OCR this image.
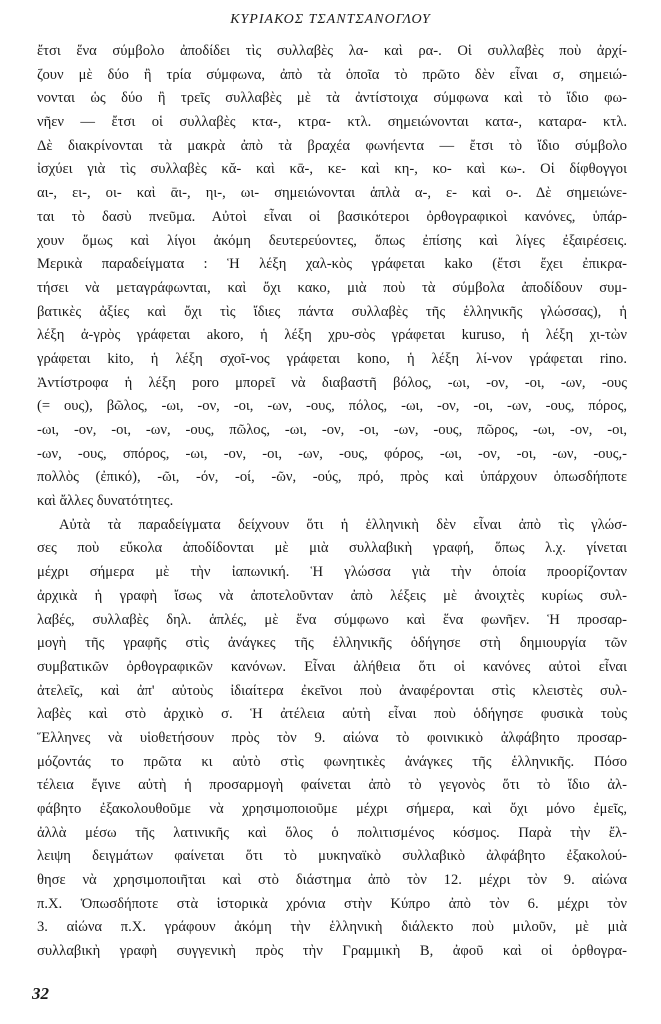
ΚΥΡΙΑΚΟΣ ΤΣΑΝΤΣΑΝΟΓΛΟΥ
ἔτσι ἕνα σύμβολο ἀποδίδει τὶς συλλαβὲς λα- καὶ ρα-. Οἱ συλλαβὲς ποὺ ἀρχί-
ζουν μὲ δύο ἢ τρία σύμφωνα, ἀπὸ τὰ ὁποῖα τὸ πρῶτο δὲν εἶναι σ, σημειώ-
νονται ὡς δύο ἢ τρεῖς συλλαβὲς μὲ τὰ ἀντίστοιχα σύμφωνα καὶ τὸ ἴδιο φω-
νῆεν — ἔτσι οἱ συλλαβὲς κτα-, κτρα- κτλ. σημειώνονται κατα-, καταρα- κτλ.
Δὲ διακρίνονται τὰ μακρὰ ἀπὸ τὰ βραχέα φωνήεντα — ἔτσι τὸ ἴδιο σύμβολο
ἰσχύει γιὰ τὶς συλλαβὲς κᾰ- καὶ κᾱ-, κε- καὶ κη-, κο- καὶ κω-. Οἱ δίφθογγοι
αι-, ει-, οι- καὶ ᾱι-, ηι-, ωι- σημειώνονται ἁπλὰ α-, ε- καὶ ο-. Δὲ σημειώνε-
ται τὸ δασὺ πνεῦμα. Αὐτοὶ εἶναι οἱ βασικότεροι ὀρθογραφικοὶ κανόνες, ὑπάρ-
χουν ὅμως καὶ λίγοι ἀκόμη δευτερεύοντες, ὅπως ἐπίσης καὶ λίγες ἐξαιρέσεις.
Μερικὰ παραδείγματα : Ἡ λέξη χαλ-κὸς γράφεται kako (ἔτσι ἔχει ἐπικρα-
τήσει νὰ μεταγράφωνται, καὶ ὄχι κακο, μιὰ ποὺ τὰ σύμβολα ἀποδίδουν συμ-
βατικὲς ἀξίες καὶ ὄχι τὶς ἴδιες πάντα συλλαβὲς τῆς ἑλληνικῆς γλώσσας), ἡ
λέξη ἀ-γρὸς γράφεται akoro, ἡ λέξη χρυ-σὸς γράφεται kuruso, ἡ λέξη χι-τὼν
γράφεται kito, ἡ λέξη σχοῖ-νος γράφεται kono, ἡ λέξη λί-νον γράφεται rino.
Ἀντίστροφα ἡ λέξη poro μπορεῖ νὰ διαβαστῆ βόλος, -ωι, -ον, -οι, -ων, -ους
(= ους), βῶλος, -ωι, -ον, -οι, -ων, -ους, πόλος, -ωι, -ον, -οι, -ων, -ους, πόρος,
-ωι, -ον, -οι, -ων, -ους, πῶλος, -ωι, -ον, -οι, -ων, -ους, πῶρος, -ωι, -ον, -οι,
-ων, -ους, σπόρος, -ωι, -ον, -οι, -ων, -ους, φόρος, -ωι, -ον, -οι, -ων, -ους,-
πολλὸς (ἐπικό), -ῶι, -όν, -οί, -ῶν, -ούς, πρό, πρὸς καὶ ὑπάρχουν ὁπωσδήποτε
καὶ ἄλλες δυνατότητες.
Αὐτὰ τὰ παραδείγματα δείχνουν ὅτι ἡ ἑλληνικὴ δὲν εἶναι ἀπὸ τὶς γλώσ-
σες ποὺ εὔκολα ἀποδίδονται μὲ μιὰ συλλαβικὴ γραφή, ὅπως λ.χ. γίνεται
μέχρι σήμερα μὲ τὴν ἰαπωνική. Ἡ γλώσσα γιὰ τὴν ὁποία προορίζονταν
ἀρχικὰ ἡ γραφὴ ἴσως νὰ ἀποτελοῦνταν ἀπὸ λέξεις μὲ ἀνοιχτὲς κυρίως συλ-
λαβές, συλλαβὲς δηλ. ἁπλές, μὲ ἕνα σύμφωνο καὶ ἕνα φωνῆεν. Ἡ προσαρ-
μογὴ τῆς γραφῆς στὶς ἀνάγκες τῆς ἑλληνικῆς ὁδήγησε στὴ δημιουργία τῶν
συμβατικῶν ὀρθογραφικῶν κανόνων. Εἶναι ἀλήθεια ὅτι οἱ κανόνες αὐτοὶ εἶναι
ἀτελεῖς, καὶ ἀπ' αὐτοὺς ἰδιαίτερα ἐκεῖνοι ποὺ ἀναφέρονται στὶς κλειστὲς συλ-
λαβὲς καὶ στὸ ἀρχικὸ σ. Ἡ ἀτέλεια αὐτὴ εἶναι ποὺ ὁδήγησε φυσικὰ τοὺς
Ἕλληνες νὰ υἱοθετήσουν πρὸς τὸν 9. αἰώνα τὸ φοινικικὸ ἀλφάβητο προσαρ-
μόζοντάς το πρῶτα κι αὐτὸ στὶς φωνητικὲς ἀνάγκες τῆς ἑλληνικῆς. Πόσο
τέλεια ἔγινε αὐτὴ ἡ προσαρμογὴ φαίνεται ἀπὸ τὸ γεγονὸς ὅτι τὸ ἴδιο ἀλ-
φάβητο ἐξακολουθοῦμε νὰ χρησιμοποιοῦμε μέχρι σήμερα, καὶ ὄχι μόνο ἐμεῖς,
ἀλλὰ μέσω τῆς λατινικῆς καὶ ὅλος ὁ πολιτισμένος κόσμος. Παρὰ τὴν ἔλ-
λειψη δειγμάτων φαίνεται ὅτι τὸ μυκηναϊκὸ συλλαβικὸ ἀλφάβητο ἐξακολού-
θησε νὰ χρησιμοποιῆται καὶ στὸ διάστημα ἀπὸ τὸν 12. μέχρι τὸν 9. αἰώνα
π.Χ. Ὁπωσδήποτε στὰ ἱστορικὰ χρόνια στὴν Κύπρο ἀπὸ τὸν 6. μέχρι τὸν
3. αἰώνα π.Χ. γράφουν ἀκόμη τὴν ἑλληνικὴ διάλεκτο ποὺ μιλοῦν, μὲ μιὰ
συλλαβικὴ γραφὴ συγγενικὴ πρὸς τὴν Γραμμικὴ Β, ἀφοῦ καὶ οἱ ὀρθογρα-
32
